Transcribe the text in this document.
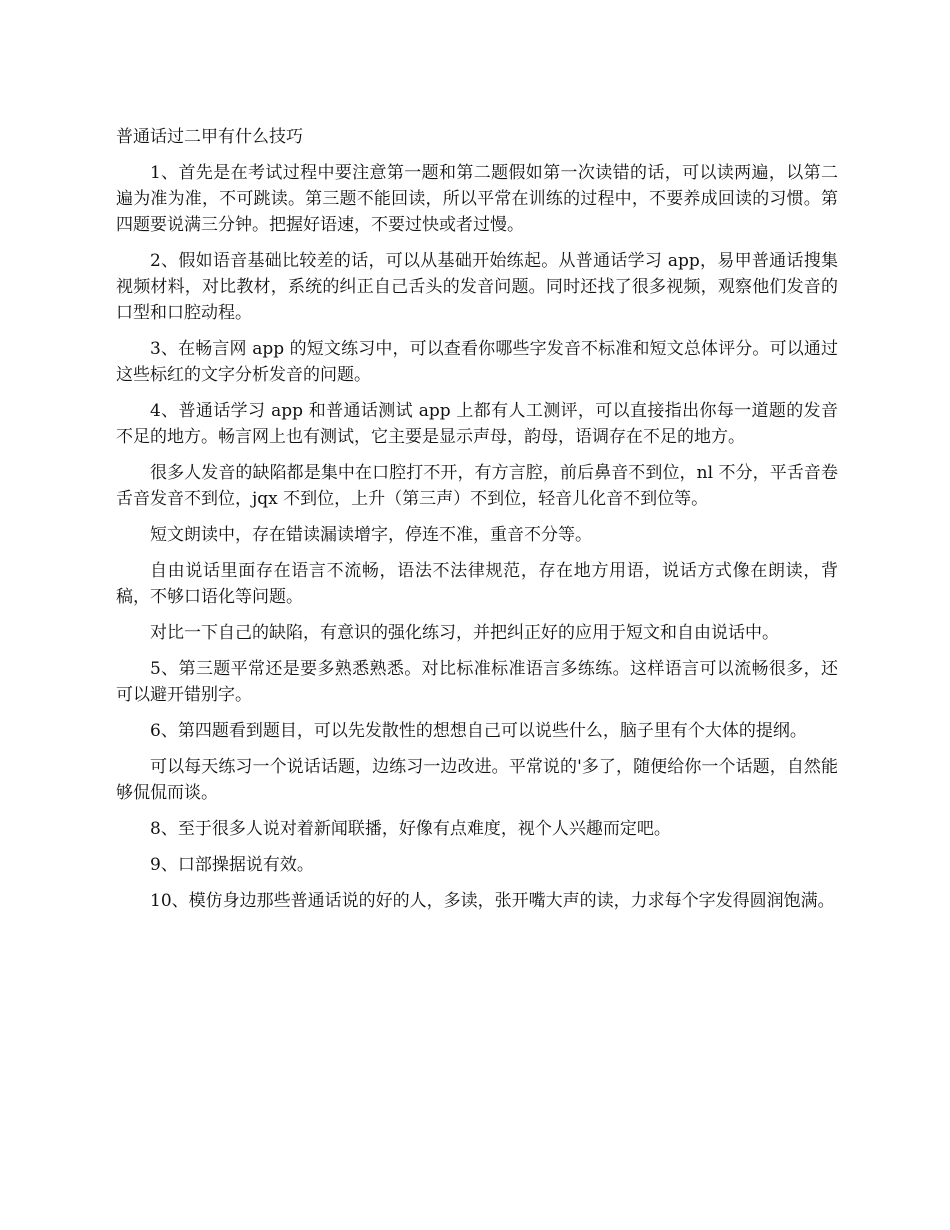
普通话过二甲有什么技巧

1、首先是在考试过程中要注意第一题和第二题假如第一次读错的话，可以读两遍，以第二遍为准为准，不可跳读。第三题不能回读，所以平常在训练的过程中，不要养成回读的习惯。第四题要说满三分钟。把握好语速，不要过快或者过慢。

2、假如语音基础比较差的话，可以从基础开始练起。从普通话学习 app，易甲普通话搜集视频材料，对比教材，系统的纠正自己舌头的发音问题。同时还找了很多视频，观察他们发音的口型和口腔动程。

3、在畅言网 app 的短文练习中，可以查看你哪些字发音不标准和短文总体评分。可以通过这些标红的文字分析发音的问题。

4、普通话学习 app 和普通话测试 app 上都有人工测评，可以直接指出你每一道题的发音不足的地方。畅言网上也有测试，它主要是显示声母，韵母，语调存在不足的地方。

很多人发音的缺陷都是集中在口腔打不开，有方言腔，前后鼻音不到位，nl 不分，平舌音卷舌音发音不到位，jqx 不到位，上升（第三声）不到位，轻音儿化音不到位等。

短文朗读中，存在错读漏读增字，停连不准，重音不分等。

自由说话里面存在语言不流畅，语法不法律规范，存在地方用语，说话方式像在朗读，背稿，不够口语化等问题。

对比一下自己的缺陷，有意识的强化练习，并把纠正好的应用于短文和自由说话中。

5、第三题平常还是要多熟悉熟悉。对比标准标准语言多练练。这样语言可以流畅很多，还可以避开错别字。

6、第四题看到题目，可以先发散性的想想自己可以说些什么，脑子里有个大体的提纲。

可以每天练习一个说话话题，边练习一边改进。平常说的'多了，随便给你一个话题，自然能够侃侃而谈。

8、至于很多人说对着新闻联播，好像有点难度，视个人兴趣而定吧。

9、口部操据说有效。

10、模仿身边那些普通话说的好的人，多读，张开嘴大声的读，力求每个字发得圆润饱满。
